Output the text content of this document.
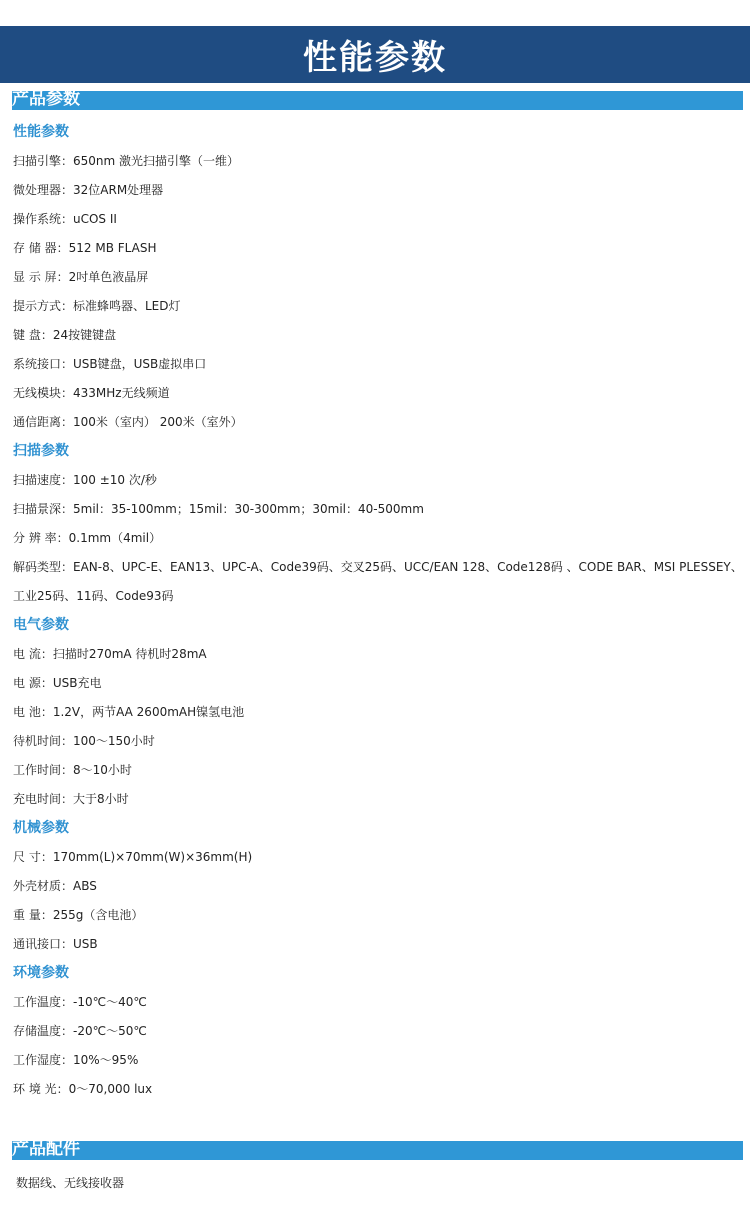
性能参数
产品参数
性能参数
扫描引擎：650nm 激光扫描引擎（一维）
微处理器：32位ARM处理器
操作系统：uCOS II
存 储 器：512 MB FLASH
显 示 屏：2吋单色液晶屏
提示方式：标准蜂鸣器、LED灯
键 盘：24按键键盘
系统接口：USB键盘，USB虚拟串口
无线模块：433MHz无线频道
通信距离：100米（室内） 200米（室外）
扫描参数
扫描速度：100 ±10 次/秒
扫描景深：5mil：35-100mm；15mil：30-300mm；30mil：40-500mm
分 辨 率：0.1mm（4mil）
解码类型：EAN-8、UPC-E、EAN13、UPC-A、Code39码、交叉25码、UCC/EAN 128、Code128码 、CODE BAR、MSI PLESSEY、
工业25码、11码、Code93码
电气参数
电 流：扫描时270mA 待机时28mA
电 源：USB充电
电 池：1.2V，两节AA 2600mAH镍氢电池
待机时间：100～150小时
工作时间：8～10小时
充电时间：大于8小时
机械参数
尺 寸：170mm(L)×70mm(W)×36mm(H)
外壳材质：ABS
重 量：255g（含电池）
通讯接口：USB
环境参数
工作温度：-10℃～40℃
存储温度：-20℃～50℃
工作湿度：10%～95%
环 境 光：0～70,000 lux
产品配件
数据线、无线接收器
